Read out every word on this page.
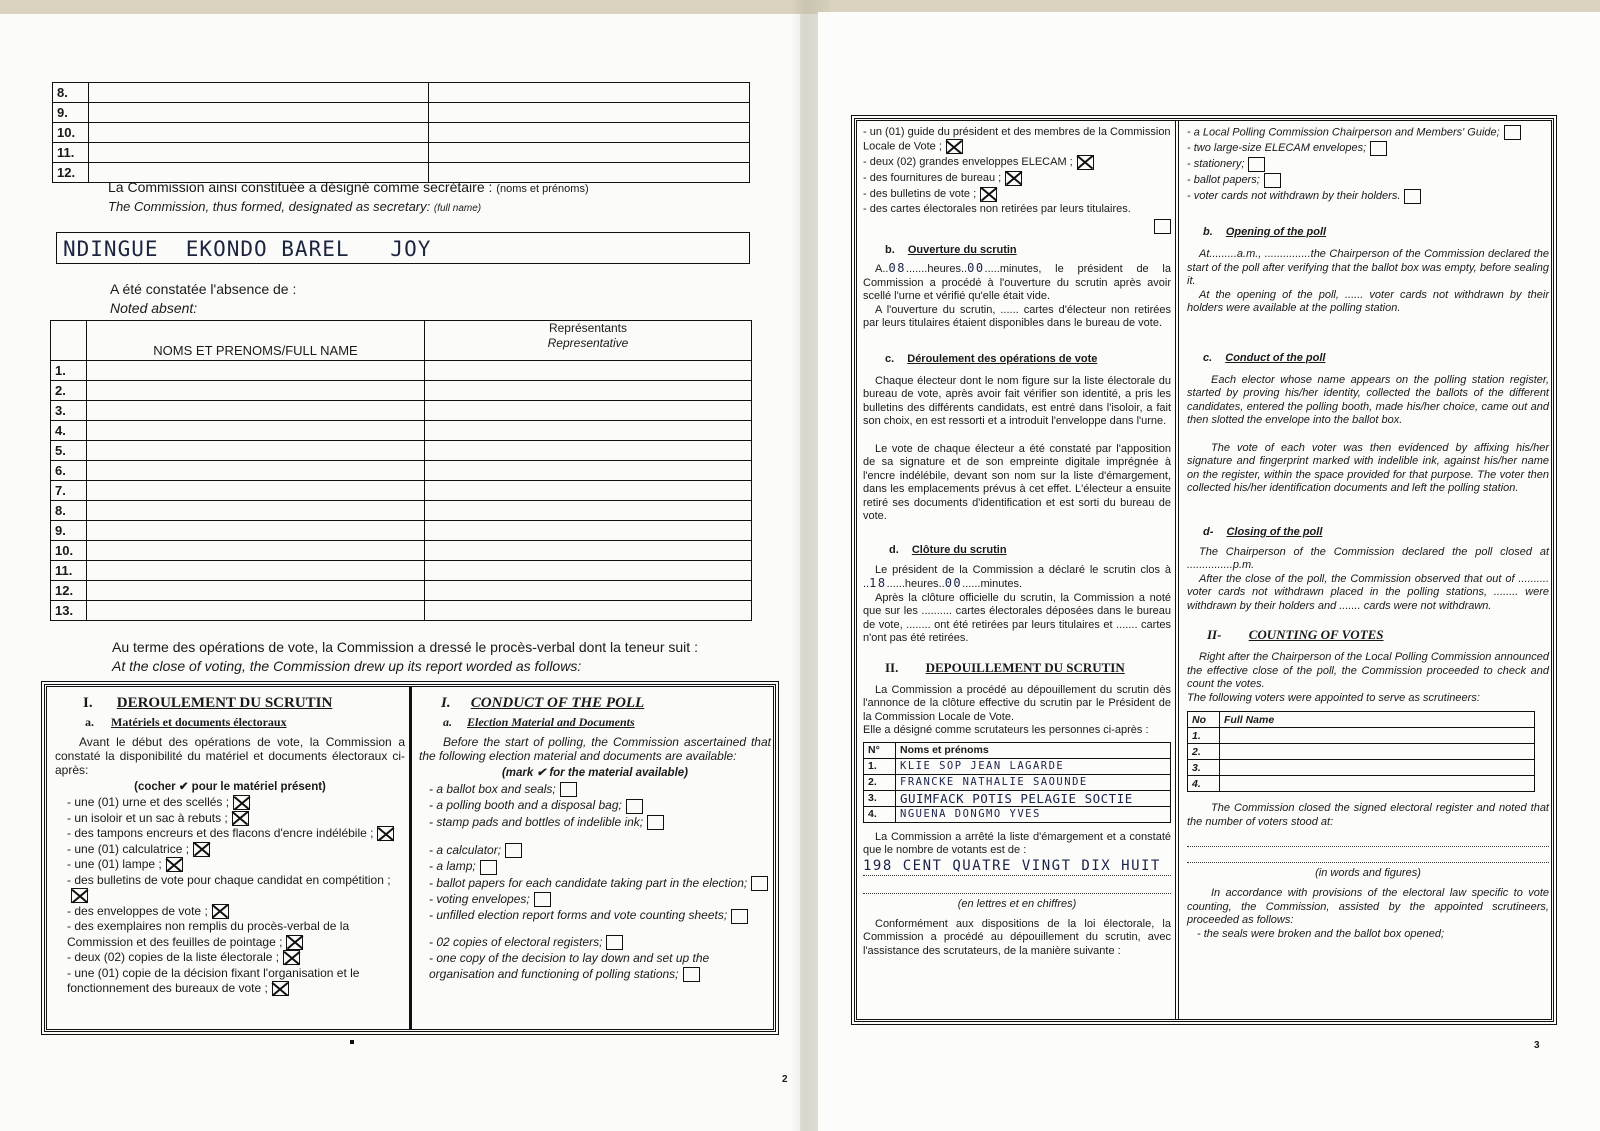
8.		
9.		
10.		
11.		
12.		
La Commission ainsi constituée a désigné comme secrétaire : (noms et prénoms)
The Commission, thus formed, designated as secretary: (full name)
NDINGUE  EKONDO BAREL   JOY
A été constatée l'absence de :
Noted absent:
	NOMS ET PRENOMS/FULL NAME	Représentants
Representative

1.		
2.		
3.		
4.		
5.		
6.		
7.		
8.		
9.		
10.		
11.		
12.		
13.		
Au terme des opérations de vote, la Commission a dressé le procès-verbal dont la teneur suit :
At the close of voting, the Commission drew up its report worded as follows:
I. DEROULEMENT DU SCRUTIN
a. Matériels et documents électoraux
Avant le début des opérations de vote, la Commission a constaté la disponibilité du matériel et documents électoraux ci-après:
(cocher ✔ pour le matériel présent)
- une (01) urne et des scellés ;
- un isoloir et un sac à rebuts ;
- des tampons encreurs et des flacons d'encre indélébile ;
- une (01) calculatrice ;
- une (01) lampe ;
- des bulletins de vote pour chaque candidat en compétition ;
- des enveloppes de vote ;
- des exemplaires non remplis du procès-verbal de la Commission et des feuilles de pointage ;
- deux (02) copies de la liste électorale ;
- une (01) copie de la décision fixant l'organisation et le fonctionnement des bureaux de vote ;
I. CONDUCT OF THE POLL
a. Election Material and Documents
Before the start of polling, the Commission ascertained that the following election material and documents are available:
(mark ✔ for the material available)
- a ballot box and seals;
- a polling booth and a disposal bag;
- stamp pads and bottles of indelible ink;
- a calculator;
- a lamp;
- ballot papers for each candidate taking part in the election;
- voting envelopes;
- unfilled election report forms and vote counting sheets;
- 02 copies of electoral registers;
- one copy of the decision to lay down and set up the organisation and functioning of polling stations;
2
- un (01) guide du président et des membres de la Commission Locale de Vote ;
- deux (02) grandes enveloppes ELECAM ;
- des fournitures de bureau ;
- des bulletins de vote ;
- des cartes électorales non retirées par leurs titulaires.
b. Ouverture du scrutin
A..08.......heures..00.....minutes, le président de la Commission a procédé à l'ouverture du scrutin après avoir scellé l'urne et vérifié qu'elle était vide.
A l'ouverture du scrutin, ...... cartes d'électeur non retirées par leurs titulaires étaient disponibles dans le bureau de vote.
c. Déroulement des opérations de vote
Chaque électeur dont le nom figure sur la liste électorale du bureau de vote, après avoir fait vérifier son identité, a pris les bulletins des différents candidats, est entré dans l'isoloir, a fait son choix, en est ressorti et a introduit l'enveloppe dans l'urne.
Le vote de chaque électeur a été constaté par l'apposition de sa signature et de son empreinte digitale imprégnée à l'encre indélébile, devant son nom sur la liste d'émargement, dans les emplacements prévus à cet effet. L'électeur a ensuite retiré ses documents d'identification et est sorti du bureau de vote.
d. Clôture du scrutin
Le président de la Commission a déclaré le scrutin clos à ..18......heures..00......minutes.
Après la clôture officielle du scrutin, la Commission a noté que sur les .......... cartes électorales déposées dans le bureau de vote, ........ ont été retirées par leurs titulaires et ....... cartes n'ont pas été retirées.
II. DEPOUILLEMENT DU SCRUTIN
La Commission a procédé au dépouillement du scrutin dès l'annonce de la clôture effective du scrutin par le Président de la Commission Locale de Vote.
Elle a désigné comme scrutateurs les personnes ci-après :
N°	Noms et prénoms
1.	KLIE SOP JEAN LAGARDE
2.	FRANCKE NATHALIE SAOUNDE
3.	GUIMFACK POTIS PELAGIE SOCTIE
4.	NGUENA DONGMO YVES
La Commission a arrêté la liste d'émargement et a constaté que le nombre de votants est de :
198 CENT QUATRE VINGT DIX HUIT
(en lettres et en chiffres)
Conformément aux dispositions de la loi électorale, la Commission a procédé au dépouillement du scrutin, avec l'assistance des scrutateurs, de la manière suivante :
- a Local Polling Commission Chairperson and Members' Guide;
- two large-size ELECAM envelopes;
- stationery;
- ballot papers;
- voter cards not withdrawn by their holders.
b. Opening of the poll
At.........a.m., ...............the Chairperson of the Commission declared the start of the poll after verifying that the ballot box was empty, before sealing it.
At the opening of the poll, ...... voter cards not withdrawn by their holders were available at the polling station.
c. Conduct of the poll
Each elector whose name appears on the polling station register, started by proving his/her identity, collected the ballots of the different candidates, entered the polling booth, made his/her choice, came out and then slotted the envelope into the ballot box.
The vote of each voter was then evidenced by affixing his/her signature and fingerprint marked with indelible ink, against his/her name on the register, within the space provided for that purpose. The voter then collected his/her identification documents and left the polling station.
d- Closing of the poll
The Chairperson of the Commission declared the poll closed at ...............p.m.
After the close of the poll, the Commission observed that out of .......... voter cards not withdrawn placed in the polling stations, ........ were withdrawn by their holders and ....... cards were not withdrawn.
II- COUNTING OF VOTES
Right after the Chairperson of the Local Polling Commission announced the effective close of the poll, the Commission proceeded to check and count the votes.
The following voters were appointed to serve as scrutineers:
No	Full Name
1.	
2.	
3.	
4.	
The Commission closed the signed electoral register and noted that the number of voters stood at:
(in words and figures)
In accordance with provisions of the electoral law specific to vote counting, the Commission, assisted by the appointed scrutineers, proceeded as follows:
- the seals were broken and the ballot box opened;
3
